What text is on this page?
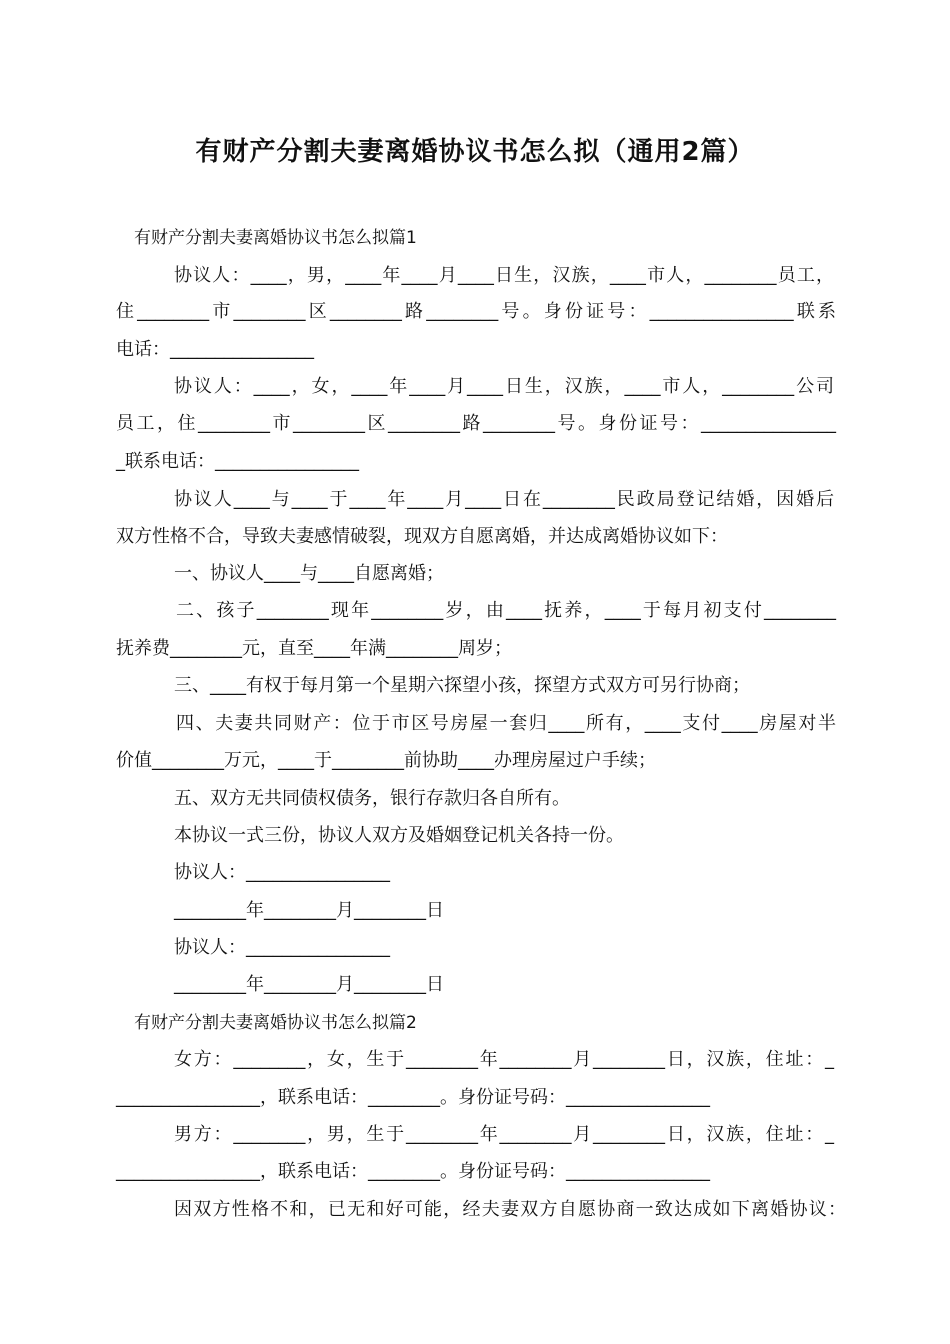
有财产分割夫妻离婚协议书怎么拟（通用2篇）
有财产分割夫妻离婚协议书怎么拟篇1
协议人：____，男，____年____月____日生，汉族，____市人，________员工，
住________市________区________路________号。身份证号：________________联系
电话：________________
协议人：____，女，____年____月____日生，汉族，____市人，________公司
员工，住________市________区________路________号。身份证号：_______________
_联系电话：________________
协议人____与____于____年____月____日在________民政局登记结婚，因婚后
双方性格不合，导致夫妻感情破裂，现双方自愿离婚，并达成离婚协议如下：
一、协议人____与____自愿离婚；
二、孩子________现年________岁，由____抚养，____于每月初支付________
抚养费________元，直至____年满________周岁；
三、____有权于每月第一个星期六探望小孩，探望方式双方可另行协商；
四、夫妻共同财产：位于市区号房屋一套归____所有，____支付____房屋对半
价值________万元，____于________前协助____办理房屋过户手续；
五、双方无共同债权债务，银行存款归各自所有。
本协议一式三份，协议人双方及婚姻登记机关各持一份。
协议人：________________
________年________月________日
协议人：________________
________年________月________日
有财产分割夫妻离婚协议书怎么拟篇2
女方：________，女，生于________年________月________日，汉族，住址：_
________________，联系电话：________。身份证号码：________________
男方：________，男，生于________年________月________日，汉族，住址：_
________________，联系电话：________。身份证号码：________________
因双方性格不和，已无和好可能，经夫妻双方自愿协商一致达成如下离婚协议：
